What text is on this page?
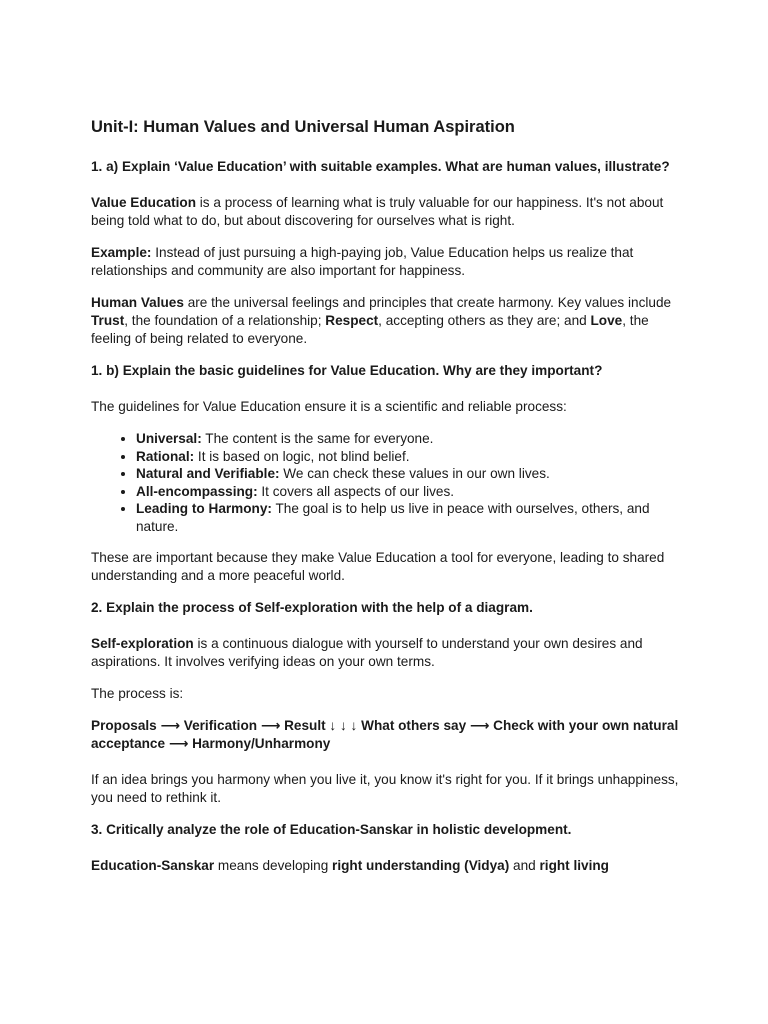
Unit-I: Human Values and Universal Human Aspiration
1. a) Explain ‘Value Education’ with suitable examples. What are human values, illustrate?

Value Education is a process of learning what is truly valuable for our happiness. It's not about being told what to do, but about discovering for ourselves what is right.

Example: Instead of just pursuing a high-paying job, Value Education helps us realize that relationships and community are also important for happiness.

Human Values are the universal feelings and principles that create harmony. Key values include Trust, the foundation of a relationship; Respect, accepting others as they are; and Love, the feeling of being related to everyone.

1. b) Explain the basic guidelines for Value Education. Why are they important?

The guidelines for Value Education ensure it is a scientific and reliable process:

• Universal: The content is the same for everyone.
• Rational: It is based on logic, not blind belief.
• Natural and Verifiable: We can check these values in our own lives.
• All-encompassing: It covers all aspects of our lives.
• Leading to Harmony: The goal is to help us live in peace with ourselves, others, and nature.

These are important because they make Value Education a tool for everyone, leading to shared understanding and a more peaceful world.

2. Explain the process of Self-exploration with the help of a diagram.

Self-exploration is a continuous dialogue with yourself to understand your own desires and aspirations. It involves verifying ideas on your own terms.

The process is:

Proposals ⟶ Verification ⟶ Result ↓ ↓ ↓ What others say ⟶ Check with your own natural acceptance ⟶ Harmony/Unharmony

If an idea brings you harmony when you live it, you know it's right for you. If it brings unhappiness, you need to rethink it.

3. Critically analyze the role of Education-Sanskar in holistic development.

Education-Sanskar means developing right understanding (Vidya) and right living
